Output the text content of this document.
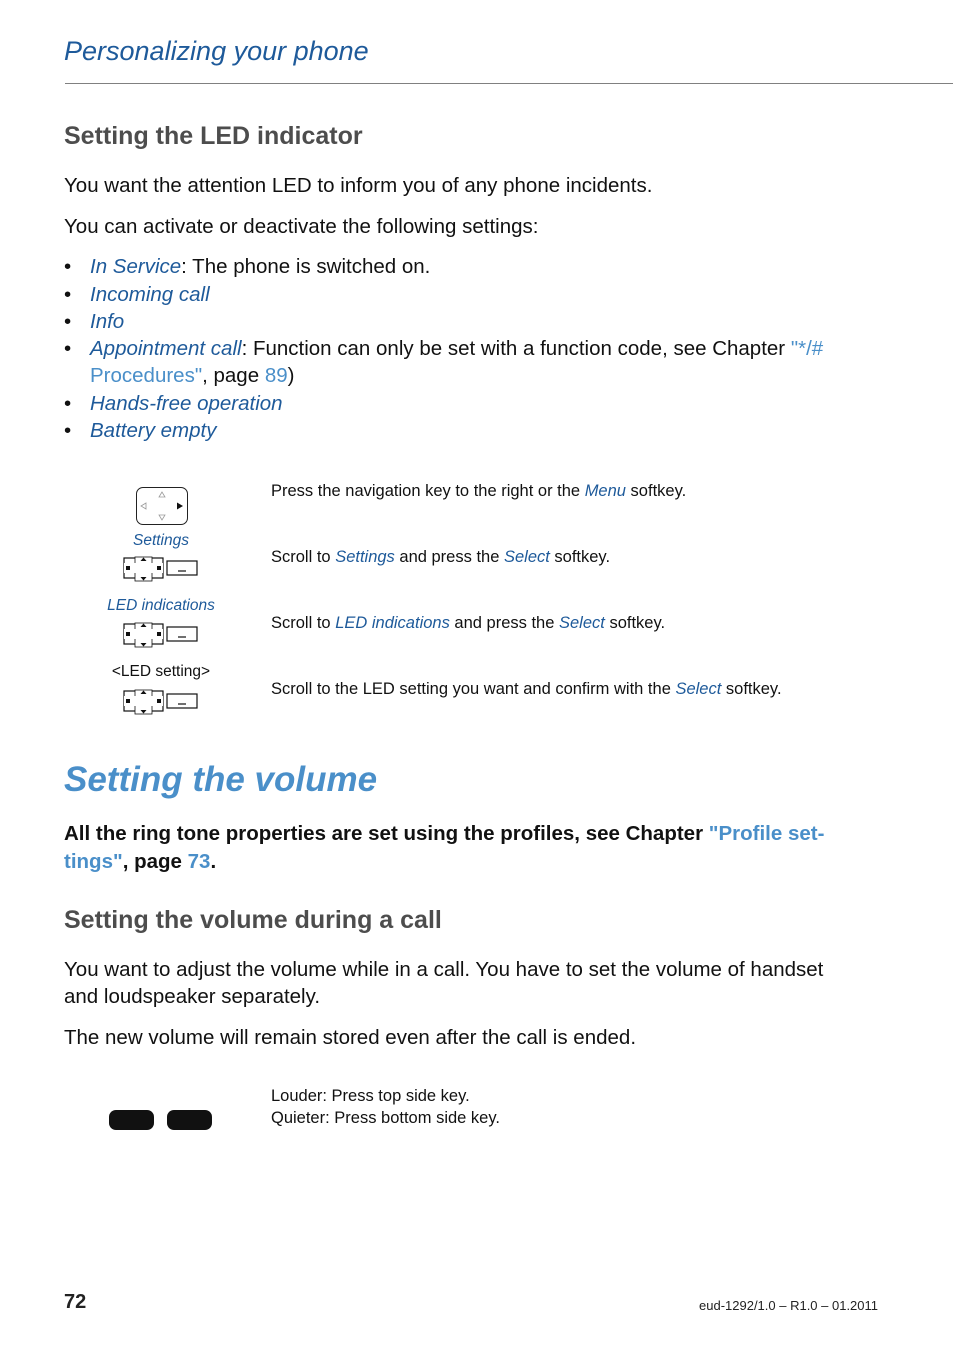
Personalizing your phone
Setting the LED indicator

You want the attention LED to inform you of any phone incidents.

You can activate or deactivate the following settings:

• In Service: The phone is switched on.
• Incoming call
• Info
• Appointment call: Function can only be set with a function code, see Chapter "*/#
Procedures", page 89)
• Hands-free operation
• Battery empty
Press the navigation key to the right or the Menu softkey.
Settings
Scroll to Settings and press the Select softkey.
LED indications
Scroll to LED indications and press the Select softkey.
<LED setting>
Scroll to the LED setting you want and confirm with the Select softkey.
Setting the volume
All the ring tone properties are set using the profiles, see Chapter "Profile set-
tings", page 73.
Setting the volume during a call

You want to adjust the volume while in a call. You have to set the volume of handset

and loudspeaker separately.

The new volume will remain stored even after the call is ended.

Louder: Press top side key.
Quieter: Press bottom side key.
72	eud-1292/1.0 – R1.0 – 01.2011
